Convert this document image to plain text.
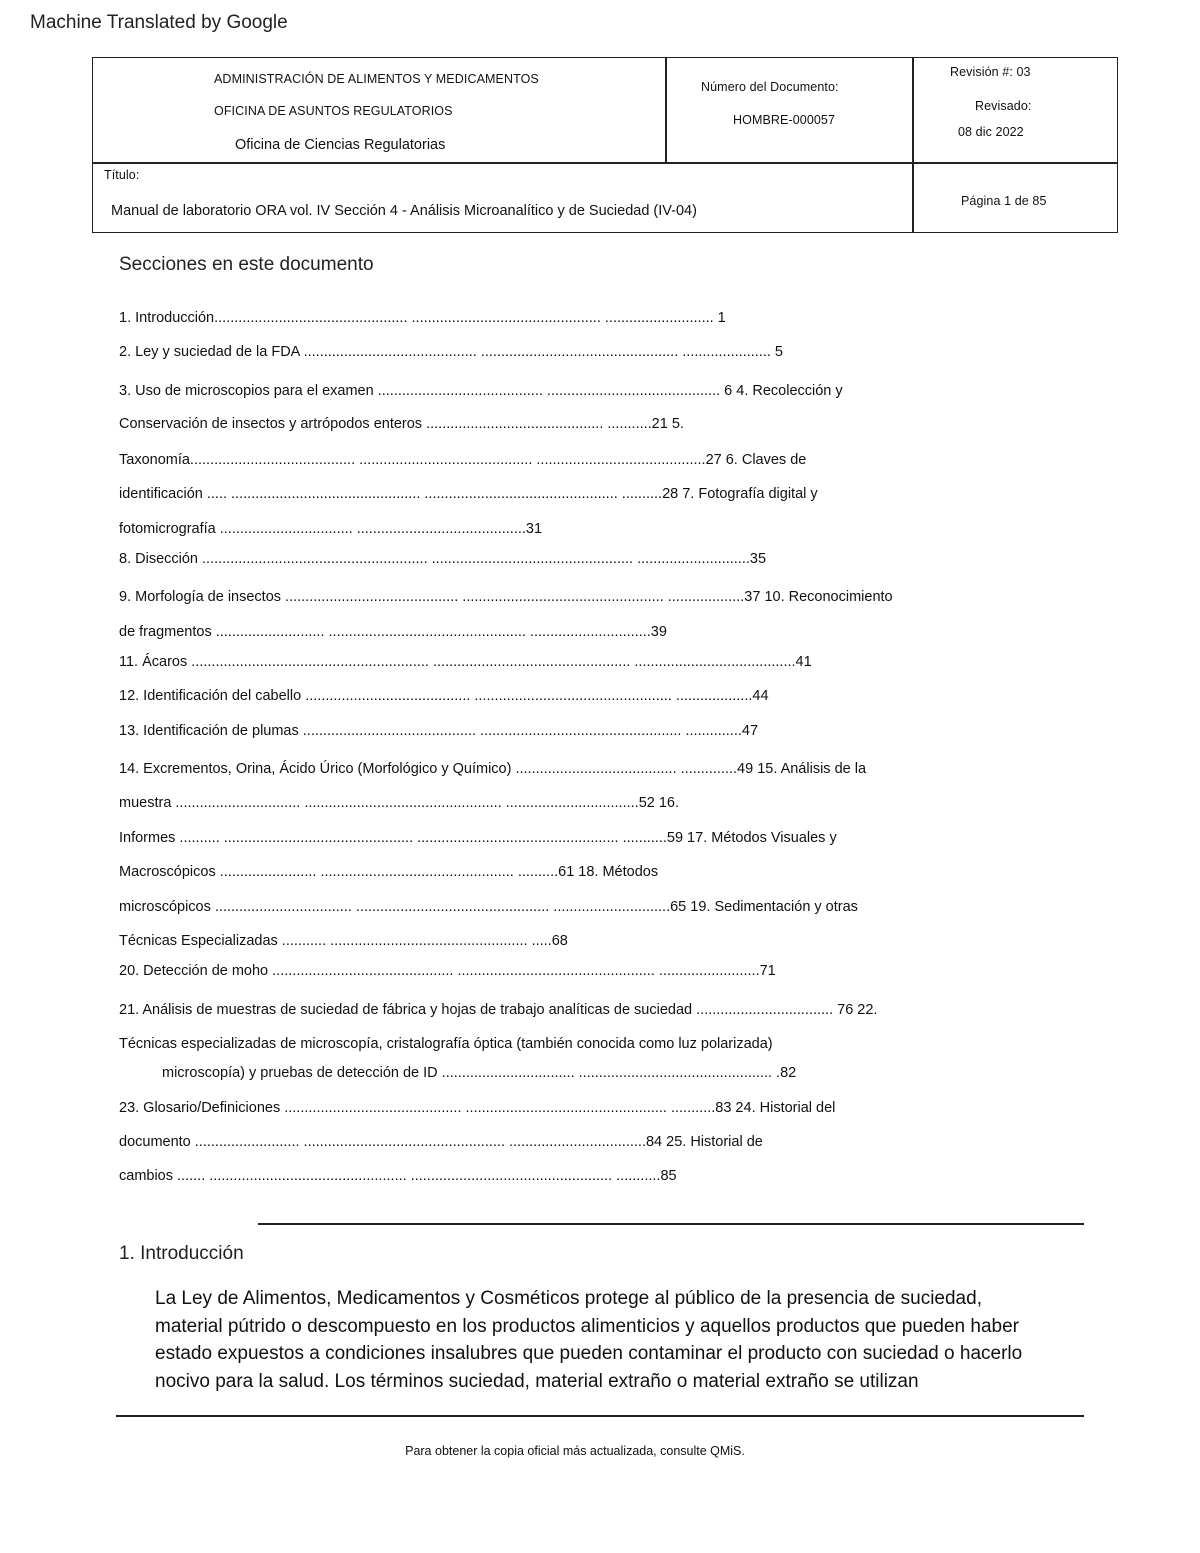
Machine Translated by Google
ADMINISTRACIÓN DE ALIMENTOS Y MEDICAMENTOS
OFICINA DE ASUNTOS REGULATORIOS
Oficina de Ciencias Regulatorias
Número del Documento:
HOMBRE-000057
Revisión #: 03
Revisado:
08 dic 2022
Título:
Manual de laboratorio ORA vol. IV Sección 4 - Análisis Microanalítico y de Suciedad (IV-04)
Página 1 de 85
Secciones en este documento
1. Introducción................................................ ............................................... ........................... 1
2. Ley y suciedad de la FDA ........................................... ................................................. ...................... 5
3. Uso de microscopios para el examen ......................................... ........................................... 6 4. Recolección y
Conservación de insectos y artrópodos enteros ............................................ ...........21 5.
Taxonomía......................................... ........................................... ..........................................27 6. Claves de
identificación ..... ............................................... ................................................ ..........28 7. Fotografía digital y
fotomicrografía ................................. ..........................................31
8. Disección ........................................................ .................................................. ............................35
9. Morfología de insectos ........................................... .................................................. ...................37 10. Reconocimiento
de fragmentos ........................... ................................................. ..............................39
11. Ácaros ........................................................... ................................................. ........................................41
12. Identificación del cabello ......................................... ................................................. ...................44
13. Identificación de plumas ........................................... .................................................. ..............47
14. Excrementos, Orina, Ácido Úrico (Morfológico y Químico) ........................................ ..............49 15. Análisis de la
muestra ............................... ................................................. .................................52 16.
Informes .......... ............................................... .................................................. ...........59 17. Métodos Visuales y
Macroscópicos ........................ ................................................ ..........61 18. Métodos
microscópicos .................................. ................................................ .............................65 19. Sedimentación y otras
Técnicas Especializadas ........... ................................................. .....68
20. Detección de moho ............................................. ................................................. .........................71
21. Análisis de muestras de suciedad de fábrica y hojas de trabajo analíticas de suciedad .................................. 76 22.
Técnicas especializadas de microscopía, cristalografía óptica (también conocida como luz polarizada)
microscopía) y pruebas de detección de ID ................................. ................................................ .82
23. Glosario/Definiciones ............................................ .................................................. ...........83 24. Historial del
documento .......................... .................................................. ..................................84 25. Historial de
cambios ....... ................................................. .................................................. ...........85
1. Introducción
La Ley de Alimentos, Medicamentos y Cosméticos protege al público de la presencia de suciedad,
material pútrido o descompuesto en los productos alimenticios y aquellos productos que pueden haber
estado expuestos a condiciones insalubres que pueden contaminar el producto con suciedad o hacerlo
nocivo para la salud. Los términos suciedad, material extraño o material extraño se utilizan
Para obtener la copia oficial más actualizada, consulte QMiS.
